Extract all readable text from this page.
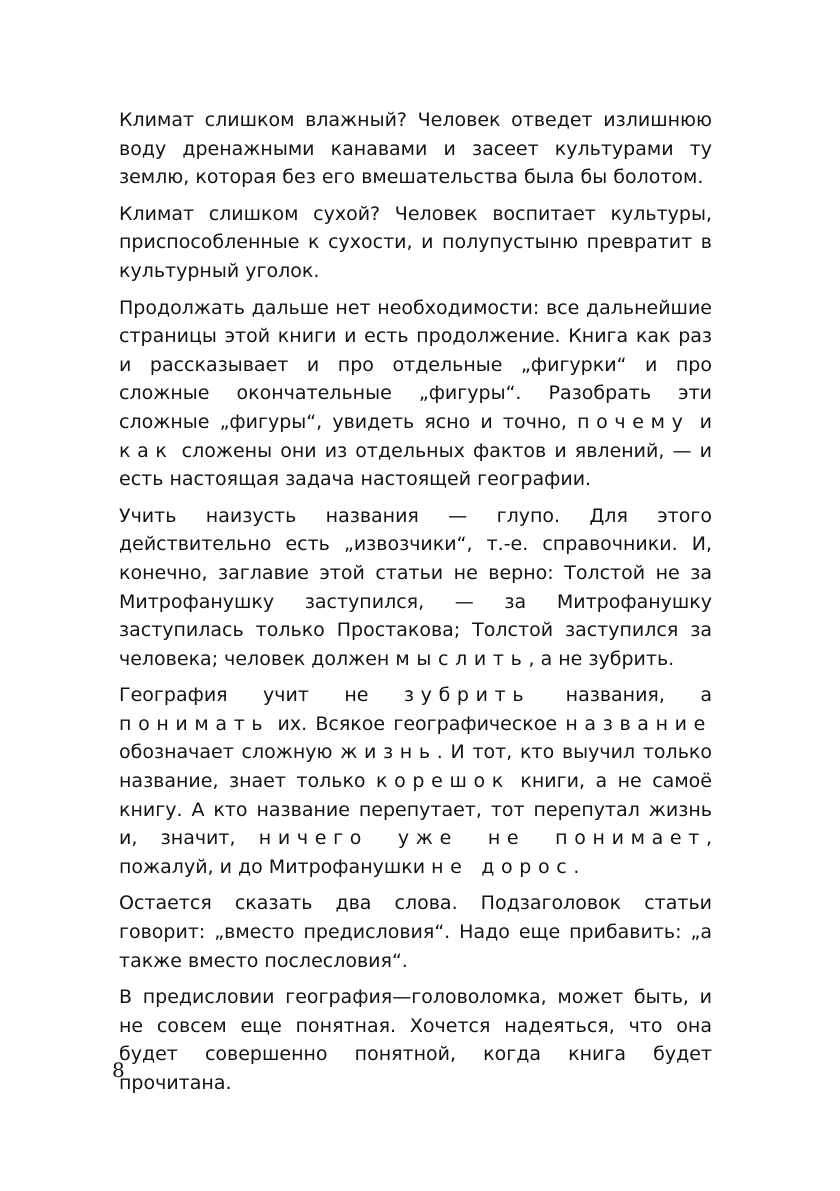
Климат слишком влажный? Человек отведет излишнюю воду дренажными канавами и засеет культурами ту землю, которая без его вмешательства была бы болотом.

Климат слишком сухой? Человек воспитает культуры, приспособленные к сухости, и полупустыню превратит в культурный уголок.

Продолжать дальше нет необходимости: все дальнейшие страницы этой книги и есть продолжение. Книга как раз и рассказывает и про отдельные „фигурки“ и про сложные окончательные „фигуры“. Разобрать эти сложные „фигуры“, увидеть ясно и точно, почему и как сложены они из отдельных фактов и явлений, — и есть настоящая задача настоящей географии.

Учить наизусть названия — глупо. Для этого действительно есть „извозчики“, т.-е. справочники. И, конечно, заглавие этой статьи не верно: Толстой не за Митрофанушку заступился, — за Митрофанушку заступилась только Простакова; Толстой заступился за человека; человек должен мыслить, а не зубрить.

География учит не зубрить названия, а понимать их. Всякое географическое название обозначает сложную жизнь. И тот, кто выучил только название, знает только корешок книги, а не самоё книгу. А кто название перепутает, тот перепутал жизнь и, значит, ничего уже не понимает, пожалуй, и до Митрофанушки не дорос.

Остается сказать два слова. Подзаголовок статьи говорит: „вместо предисловия“. Надо еще прибавить: „а также вместо послесловия“.

В предисловии география—головоломка, может быть, и не совсем еще понятная. Хочется надеяться, что она будет совершенно понятной, когда книга будет прочитана.

8
